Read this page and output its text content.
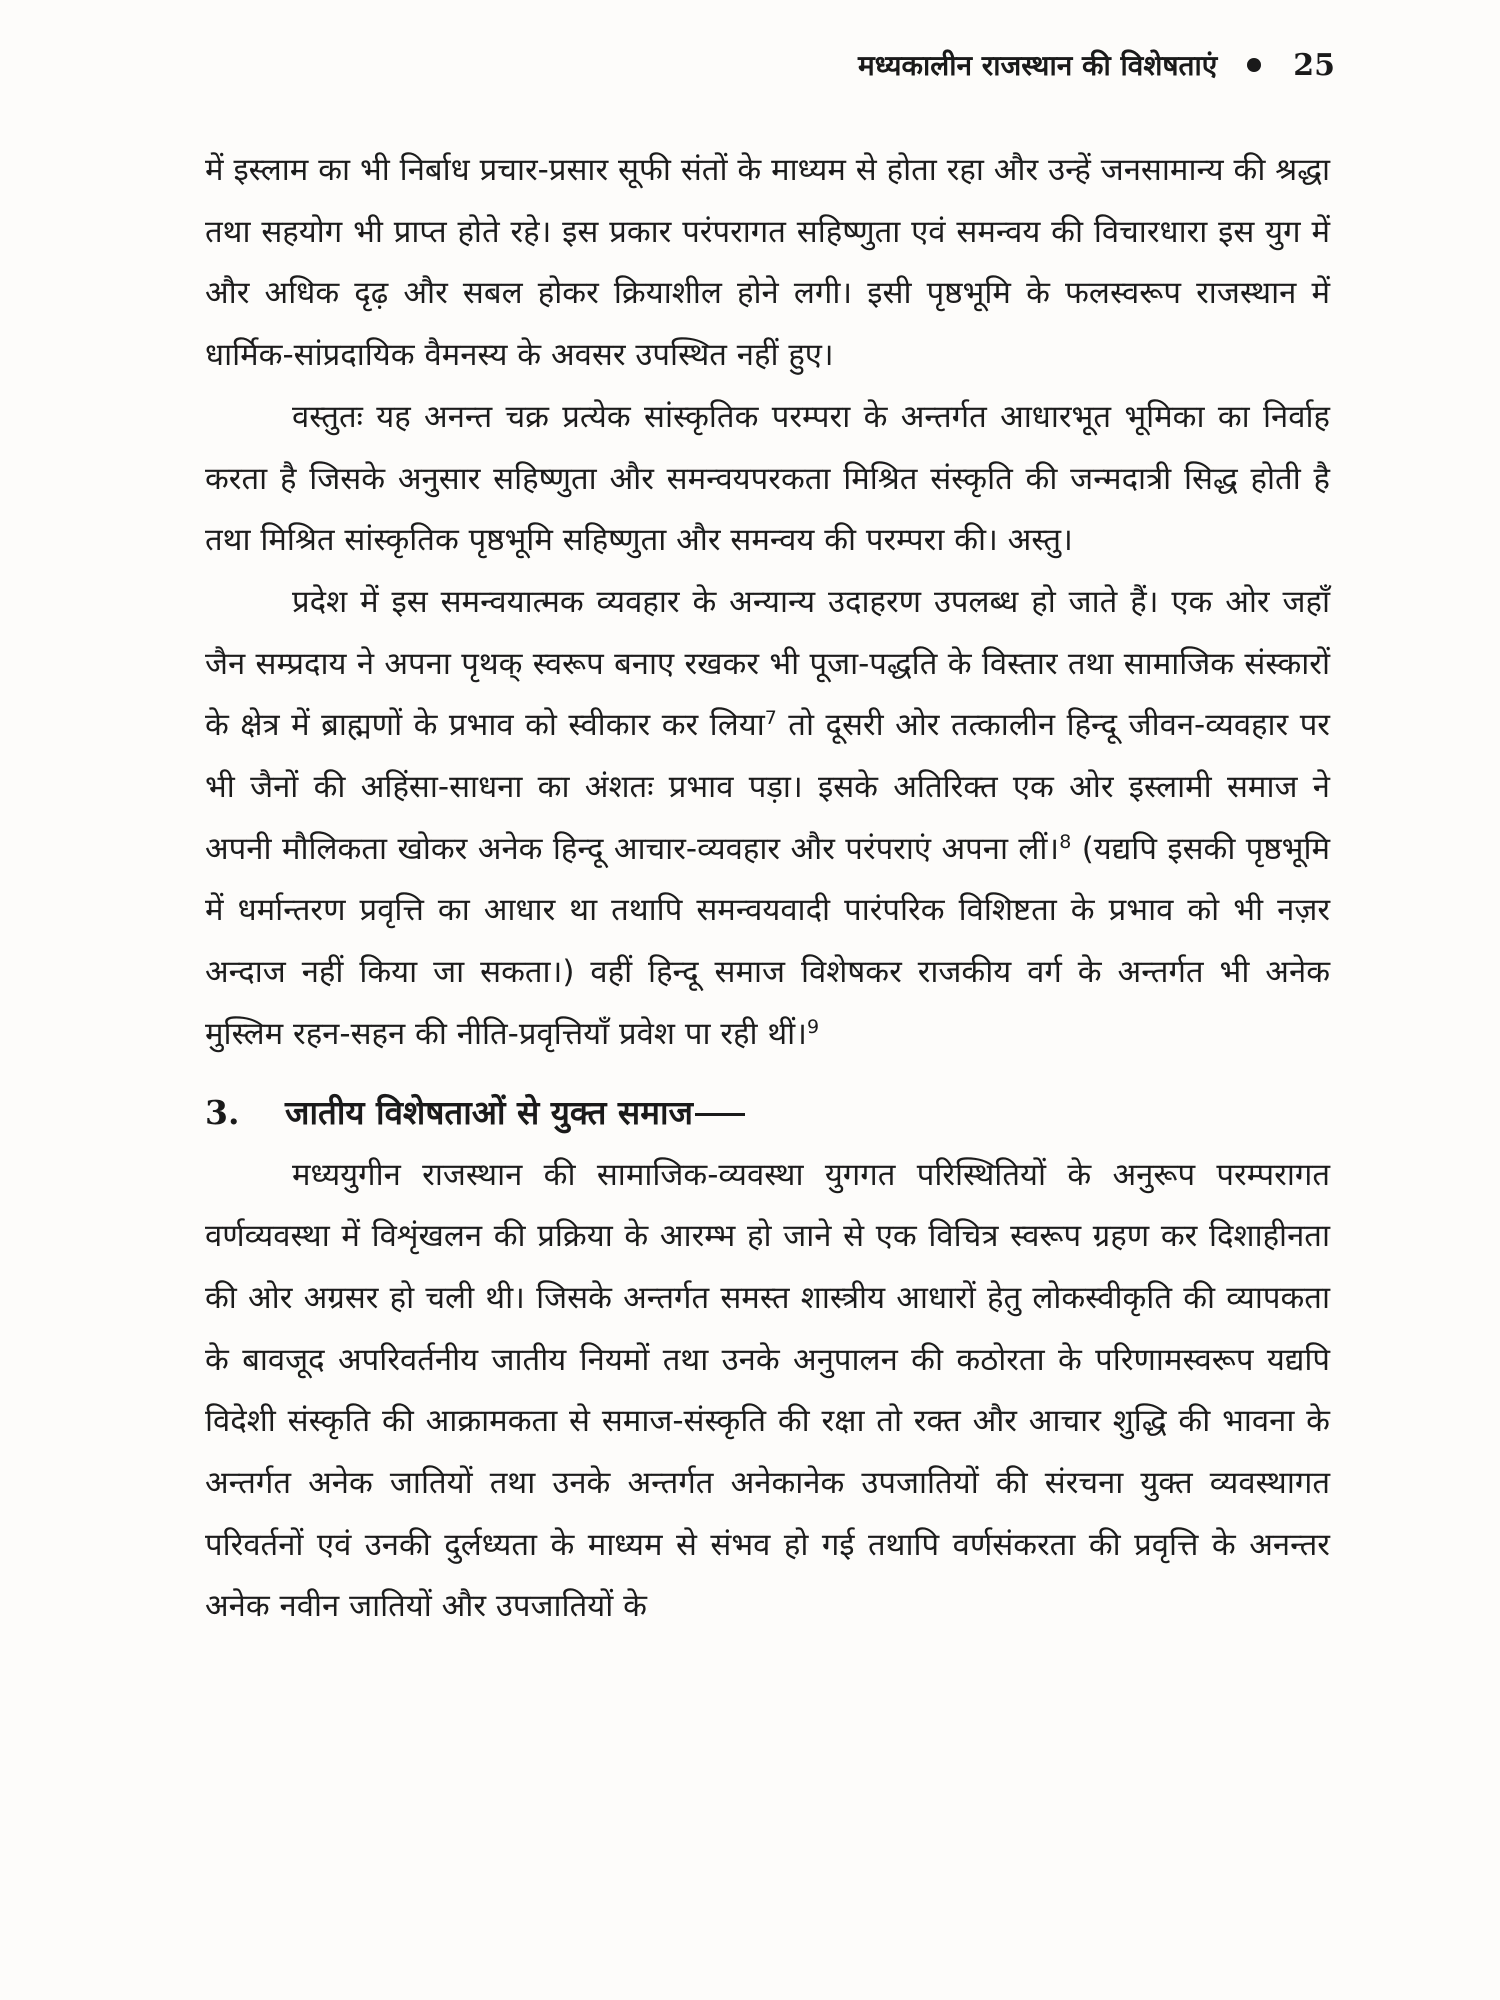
मध्यकालीन राजस्थान की विशेषताएं	25

में इस्लाम का भी निर्बाध प्रचार-प्रसार सूफी संतों के माध्यम से होता रहा और उन्हें जनसामान्य की श्रद्धा तथा सहयोग भी प्राप्त होते रहे। इस प्रकार परंपरागत सहिष्णुता एवं समन्वय की विचारधारा इस युग में और अधिक दृढ़ और सबल होकर क्रियाशील होने लगी। इसी पृष्ठभूमि के फलस्वरूप राजस्थान में धार्मिक-सांप्रदायिक वैमनस्य के अवसर उपस्थित नहीं हुए।

वस्तुतः यह अनन्त चक्र प्रत्येक सांस्कृतिक परम्परा के अन्तर्गत आधारभूत भूमिका का निर्वाह करता है जिसके अनुसार सहिष्णुता और समन्वयपरकता मिश्रित संस्कृति की जन्मदात्री सिद्ध होती है तथा मिश्रित सांस्कृतिक पृष्ठभूमि सहिष्णुता और समन्वय की परम्परा की। अस्तु।

प्रदेश में इस समन्वयात्मक व्यवहार के अन्यान्य उदाहरण उपलब्ध हो जाते हैं। एक ओर जहाँ जैन सम्प्रदाय ने अपना पृथक् स्वरूप बनाए रखकर भी पूजा-पद्धति के विस्तार तथा सामाजिक संस्कारों के क्षेत्र में ब्राह्मणों के प्रभाव को स्वीकार कर लिया$^7$ तो दूसरी ओर तत्कालीन हिन्दू जीवन-व्यवहार पर भी जैनों की अहिंसा-साधना का अंशतः प्रभाव पड़ा। इसके अतिरिक्त एक ओर इस्लामी समाज ने अपनी मौलिकता खोकर अनेक हिन्दू आचार-व्यवहार और परंपराएं अपना लीं।$^8$ (यद्यपि इसकी पृष्ठभूमि में धर्मान्तरण प्रवृत्ति का आधार था तथापि समन्वयवादी पारंपरिक विशिष्टता के प्रभाव को भी नज़र अन्दाज नहीं किया जा सकता।) वहीं हिन्दू समाज विशेषकर राजकीय वर्ग के अन्तर्गत भी अनेक मुस्लिम रहन-सहन की नीति-प्रवृत्तियाँ प्रवेश पा रही थीं।$^9$

3.	जातीय विशेषताओं से युक्त समाज

मध्ययुगीन राजस्थान की सामाजिक-व्यवस्था युगगत परिस्थितियों के अनुरूप परम्परागत वर्णव्यवस्था में विशृंखलन की प्रक्रिया के आरम्भ हो जाने से एक विचित्र स्वरूप ग्रहण कर दिशाहीनता की ओर अग्रसर हो चली थी। जिसके अन्तर्गत समस्त शास्त्रीय आधारों हेतु लोकस्वीकृति की व्यापकता के बावजूद अपरिवर्तनीय जातीय नियमों तथा उनके अनुपालन की कठोरता के परिणामस्वरूप यद्यपि विदेशी संस्कृति की आक्रामकता से समाज-संस्कृति की रक्षा तो रक्त और आचार शुद्धि की भावना के अन्तर्गत अनेक जातियों तथा उनके अन्तर्गत अनेकानेक उपजातियों की संरचना युक्त व्यवस्थागत परिवर्तनों एवं उनकी दुर्लध्यता के माध्यम से संभव हो गई तथापि वर्णसंकरता की प्रवृत्ति के अनन्तर अनेक नवीन जातियों और उपजातियों के
